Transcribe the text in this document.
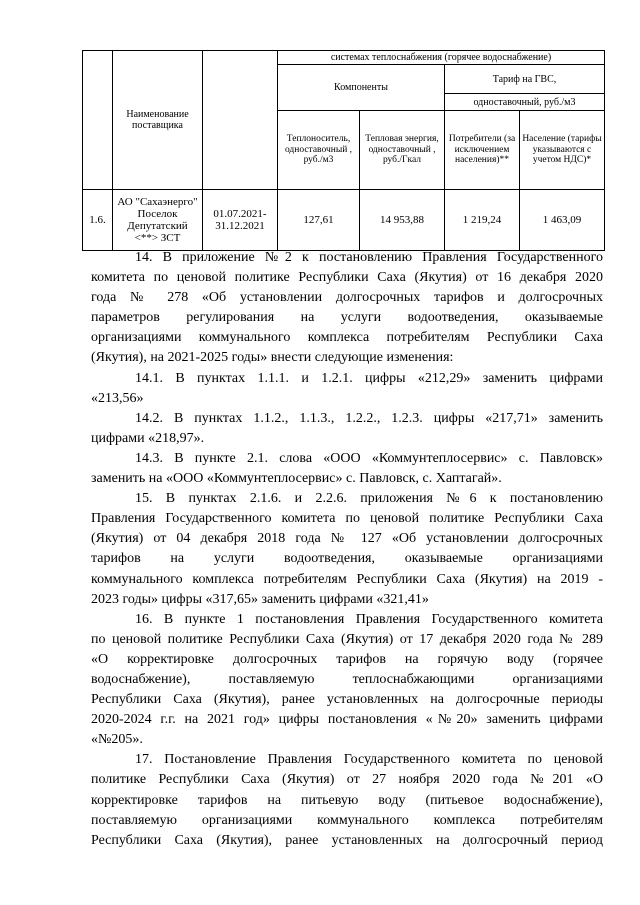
	Наименование поставщика		системах теплоснабжения (горячее водоснабжение)			
			Компоненты		Тариф на ГВС,	
					одноставочный, руб./м3	
			Теплоноситель, одноставочный , руб./м3	Тепловая энергия, одноставочный , руб./Гкал	Потребители (за исключением населения)**	Население (тарифы указываются с учетом НДС)*
1.6.	АО "Сахаэнерго" Поселок Депутатский <**> ЗСТ	01.07.2021-31.12.2021	127,61	14 953,88	1 219,24	1 463,09

14. В приложение №2 к постановлению Правления Государственного
комитета по ценовой политике Республики Саха (Якутия) от 16 декабря 2020
года № 278 «Об установлении долгосрочных тарифов и долгосрочных
параметров регулирования на услуги водоотведения, оказываемые
организациями коммунального комплекса потребителям Республики Саха
(Якутия), на 2021-2025 годы» внести следующие изменения:

14.1. В пунктах 1.1.1. и 1.2.1. цифры «212,29» заменить цифрами
«213,56»

14.2. В пунктах 1.1.2., 1.1.3., 1.2.2., 1.2.3. цифры «217,71» заменить
цифрами «218,97».

14.3. В пункте 2.1. слова «ООО «Коммунтеплосервис» с. Павловск»
заменить на «ООО «Коммунтеплосервис» с. Павловск, с. Хаптагай».

15. В пунктах 2.1.6. и 2.2.6. приложения №6 к постановлению
Правления Государственного комитета по ценовой политике Республики Саха
(Якутия) от 04 декабря 2018 года № 127 «Об установлении долгосрочных
тарифов на услуги водоотведения, оказываемые организациями
коммунального комплекса потребителям Республики Саха (Якутия) на 2019 -
2023 годы» цифры «317,65» заменить цифрами «321,41»

16. В пункте 1 постановления Правления Государственного комитета
по ценовой политике Республики Саха (Якутия) от 17 декабря 2020 года № 289
«О корректировке долгосрочных тарифов на горячую воду (горячее
водоснабжение), поставляемую теплоснабжающими организациями
Республики Саха (Якутия), ранее установленных на долгосрочные периоды
2020-2024 г.г. на 2021 год» цифры постановления «№20» заменить цифрами
«№205».

17. Постановление Правления Государственного комитета по ценовой
политике Республики Саха (Якутия) от 27 ноября 2020 года №201 «О
корректировке тарифов на питьевую воду (питьевое водоснабжение),
поставляемую организациями коммунального комплекса потребителям
Республики Саха (Якутия), ранее установленных на долгосрочный период
